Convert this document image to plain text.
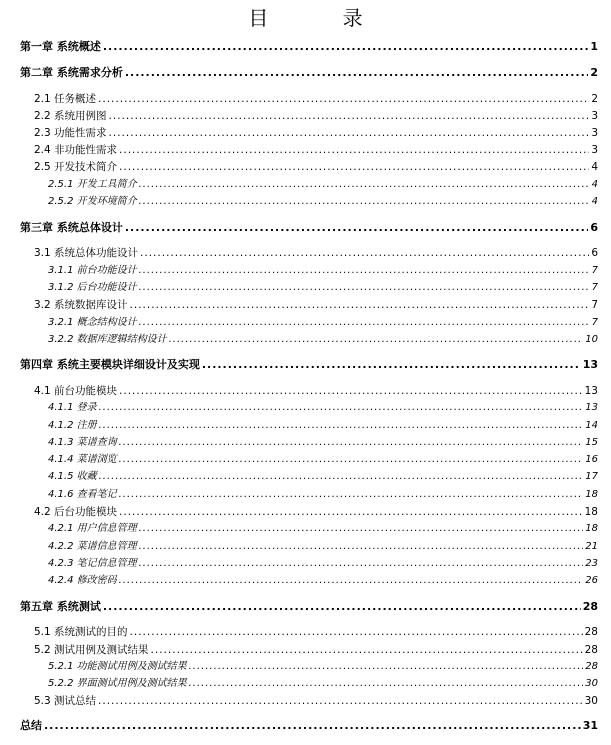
目 录
第一章 系统概述 .....	1
第二章 系统需求分析 .....	2
2.1 任务概述 .....	2
2.2 系统用例图 .....	3
2.3 功能性需求 .....	3
2.4 非功能性需求 .....	3
2.5 开发技术简介 .....	4
2.5.1 开发工具简介 .....	4
2.5.2 开发环境简介 .....	4
第三章 系统总体设计 .....	6
3.1 系统总体功能设计 .....	6
3.1.1 前台功能设计 .....	7
3.1.2 后台功能设计 .....	7
3.2 系统数据库设计 .....	7
3.2.1 概念结构设计 .....	7
3.2.2 数据库逻辑结构设计 .....	10
第四章 系统主要模块详细设计及实现 .....	13
4.1 前台功能模块 .....	13
4.1.1 登录 .....	13
4.1.2 注册 .....	14
4.1.3 菜谱查询 .....	15
4.1.4 菜谱浏览 .....	16
4.1.5 收藏 .....	17
4.1.6 查看笔记 .....	18
4.2 后台功能模块 .....	18
4.2.1 用户信息管理 .....	18
4.2.2 菜谱信息管理 .....	21
4.2.3 笔记信息管理 .....	23
4.2.4 修改密码 .....	26
第五章 系统测试 .....	28
5.1 系统测试的目的 .....	28
5.2 测试用例及测试结果 .....	28
5.2.1 功能测试用例及测试结果 .....	28
5.2.2 界面测试用例及测试结果 .....	30
5.3 测试总结 .....	30
总结 .....	31
